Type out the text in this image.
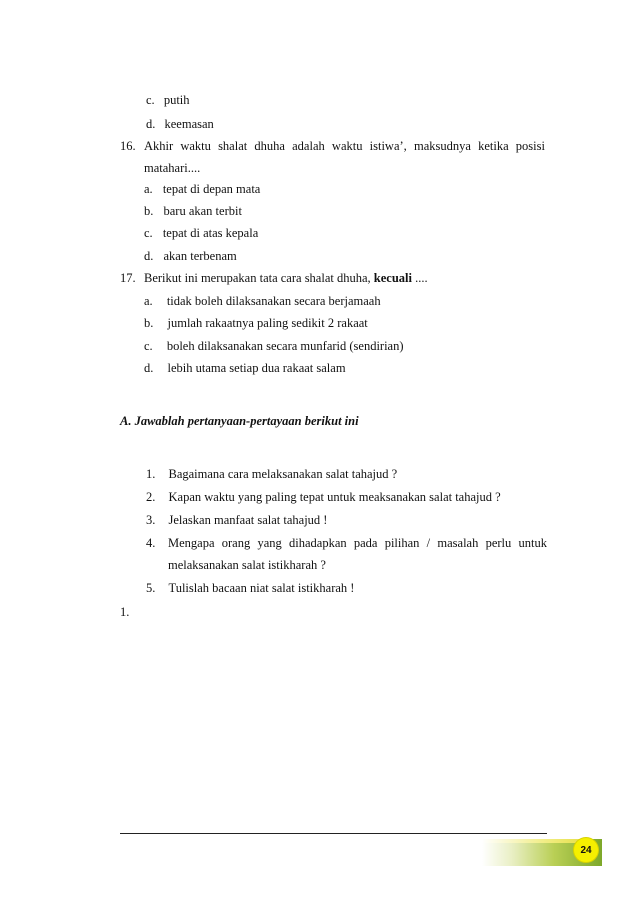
c. putih
d. keemasan
16. Akhir waktu shalat dhuha adalah waktu istiwa’, maksudnya ketika posisi
matahari....
a. tepat di depan mata
b. baru akan terbit
c. tepat di atas kepala
d. akan terbenam
17. Berikut ini merupakan tata cara shalat dhuha, kecuali ....
a. tidak boleh dilaksanakan secara berjamaah
b. jumlah rakaatnya paling sedikit 2 rakaat
c. boleh dilaksanakan secara munfarid (sendirian)
d. lebih utama setiap dua rakaat salam
A. Jawablah pertanyaan-pertayaan berikut ini
1. Bagaimana cara melaksanakan salat tahajud ?
2. Kapan waktu yang paling tepat untuk meaksanakan salat tahajud ?
3. Jelaskan manfaat salat tahajud !
4. Mengapa orang yang dihadapkan pada pilihan / masalah perlu untuk
melaksanakan salat istikharah ?
5. Tulislah bacaan niat salat istikharah !
1.
24
